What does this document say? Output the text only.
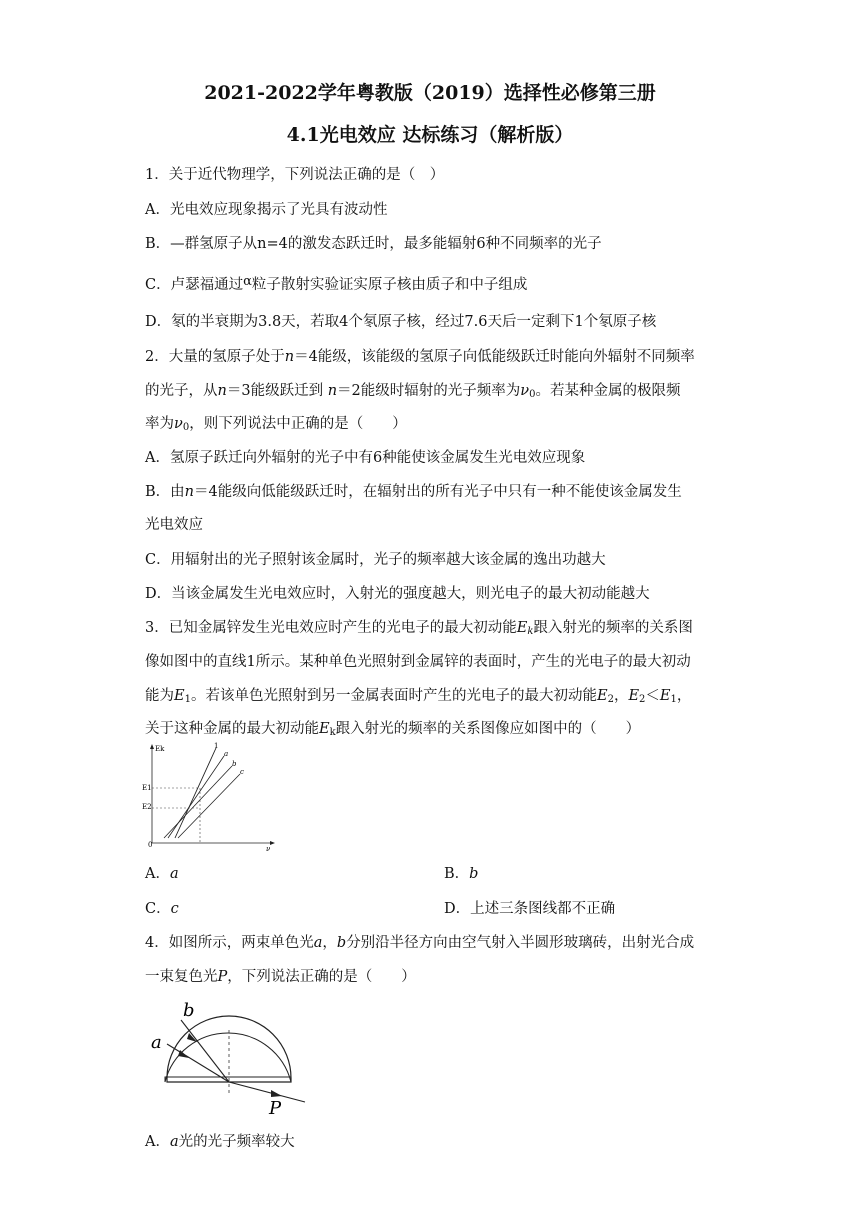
2021-2022学年粤教版（2019）选择性必修第三册
4.1光电效应 达标练习（解析版）
1．关于近代物理学，下列说法正确的是（　）
A．光电效应现象揭示了光具有波动性
B．—群氢原子从n=4的激发态跃迁时，最多能辐射6种不同频率的光子
C．卢瑟福通过α粒子散射实验证实原子核由质子和中子组成
D．氡的半衰期为3.8天，若取4个氡原子核，经过7.6天后一定剩下1个氡原子核
2．大量的氢原子处于n＝4能级，该能级的氢原子向低能级跃迁时能向外辐射不同频率
的光子，从n＝3能级跃迁到 n＝2能级时辐射的光子频率为$\nu_0$。若某种金属的极限频
率为$\nu_0$，则下列说法中正确的是（　　）
A．氢原子跃迁向外辐射的光子中有6种能使该金属发生光电效应现象
B．由n＝4能级向低能级跃迁时，在辐射出的所有光子中只有一种不能使该金属发生
光电效应
C．用辐射出的光子照射该金属时，光子的频率越大该金属的逸出功越大
D．当该金属发生光电效应时，入射光的强度越大，则光电子的最大初动能越大
3．已知金属锌发生光电效应时产生的光电子的最大初动能$E_k$跟入射光的频率的关系图
像如图中的直线1所示。某种单色光照射到金属锌的表面时，产生的光电子的最大初动
能为$E_1$。若该单色光照射到另一金属表面时产生的光电子的最大初动能$E_2$，$E_2<E_1$，
关于这种金属的最大初动能$E_k$跟入射光的频率的关系图像应如图中的（　　）
Ek
ν
0
E1
E2
1
a
b
c
A．a	B．b
C．c	D．上述三条图线都不正确
4．如图所示，两束单色光a，b分别沿半径方向由空气射入半圆形玻璃砖，出射光合成
一束复色光P，下列说法正确的是（　　）
a
b
P
A．a光的光子频率较大
